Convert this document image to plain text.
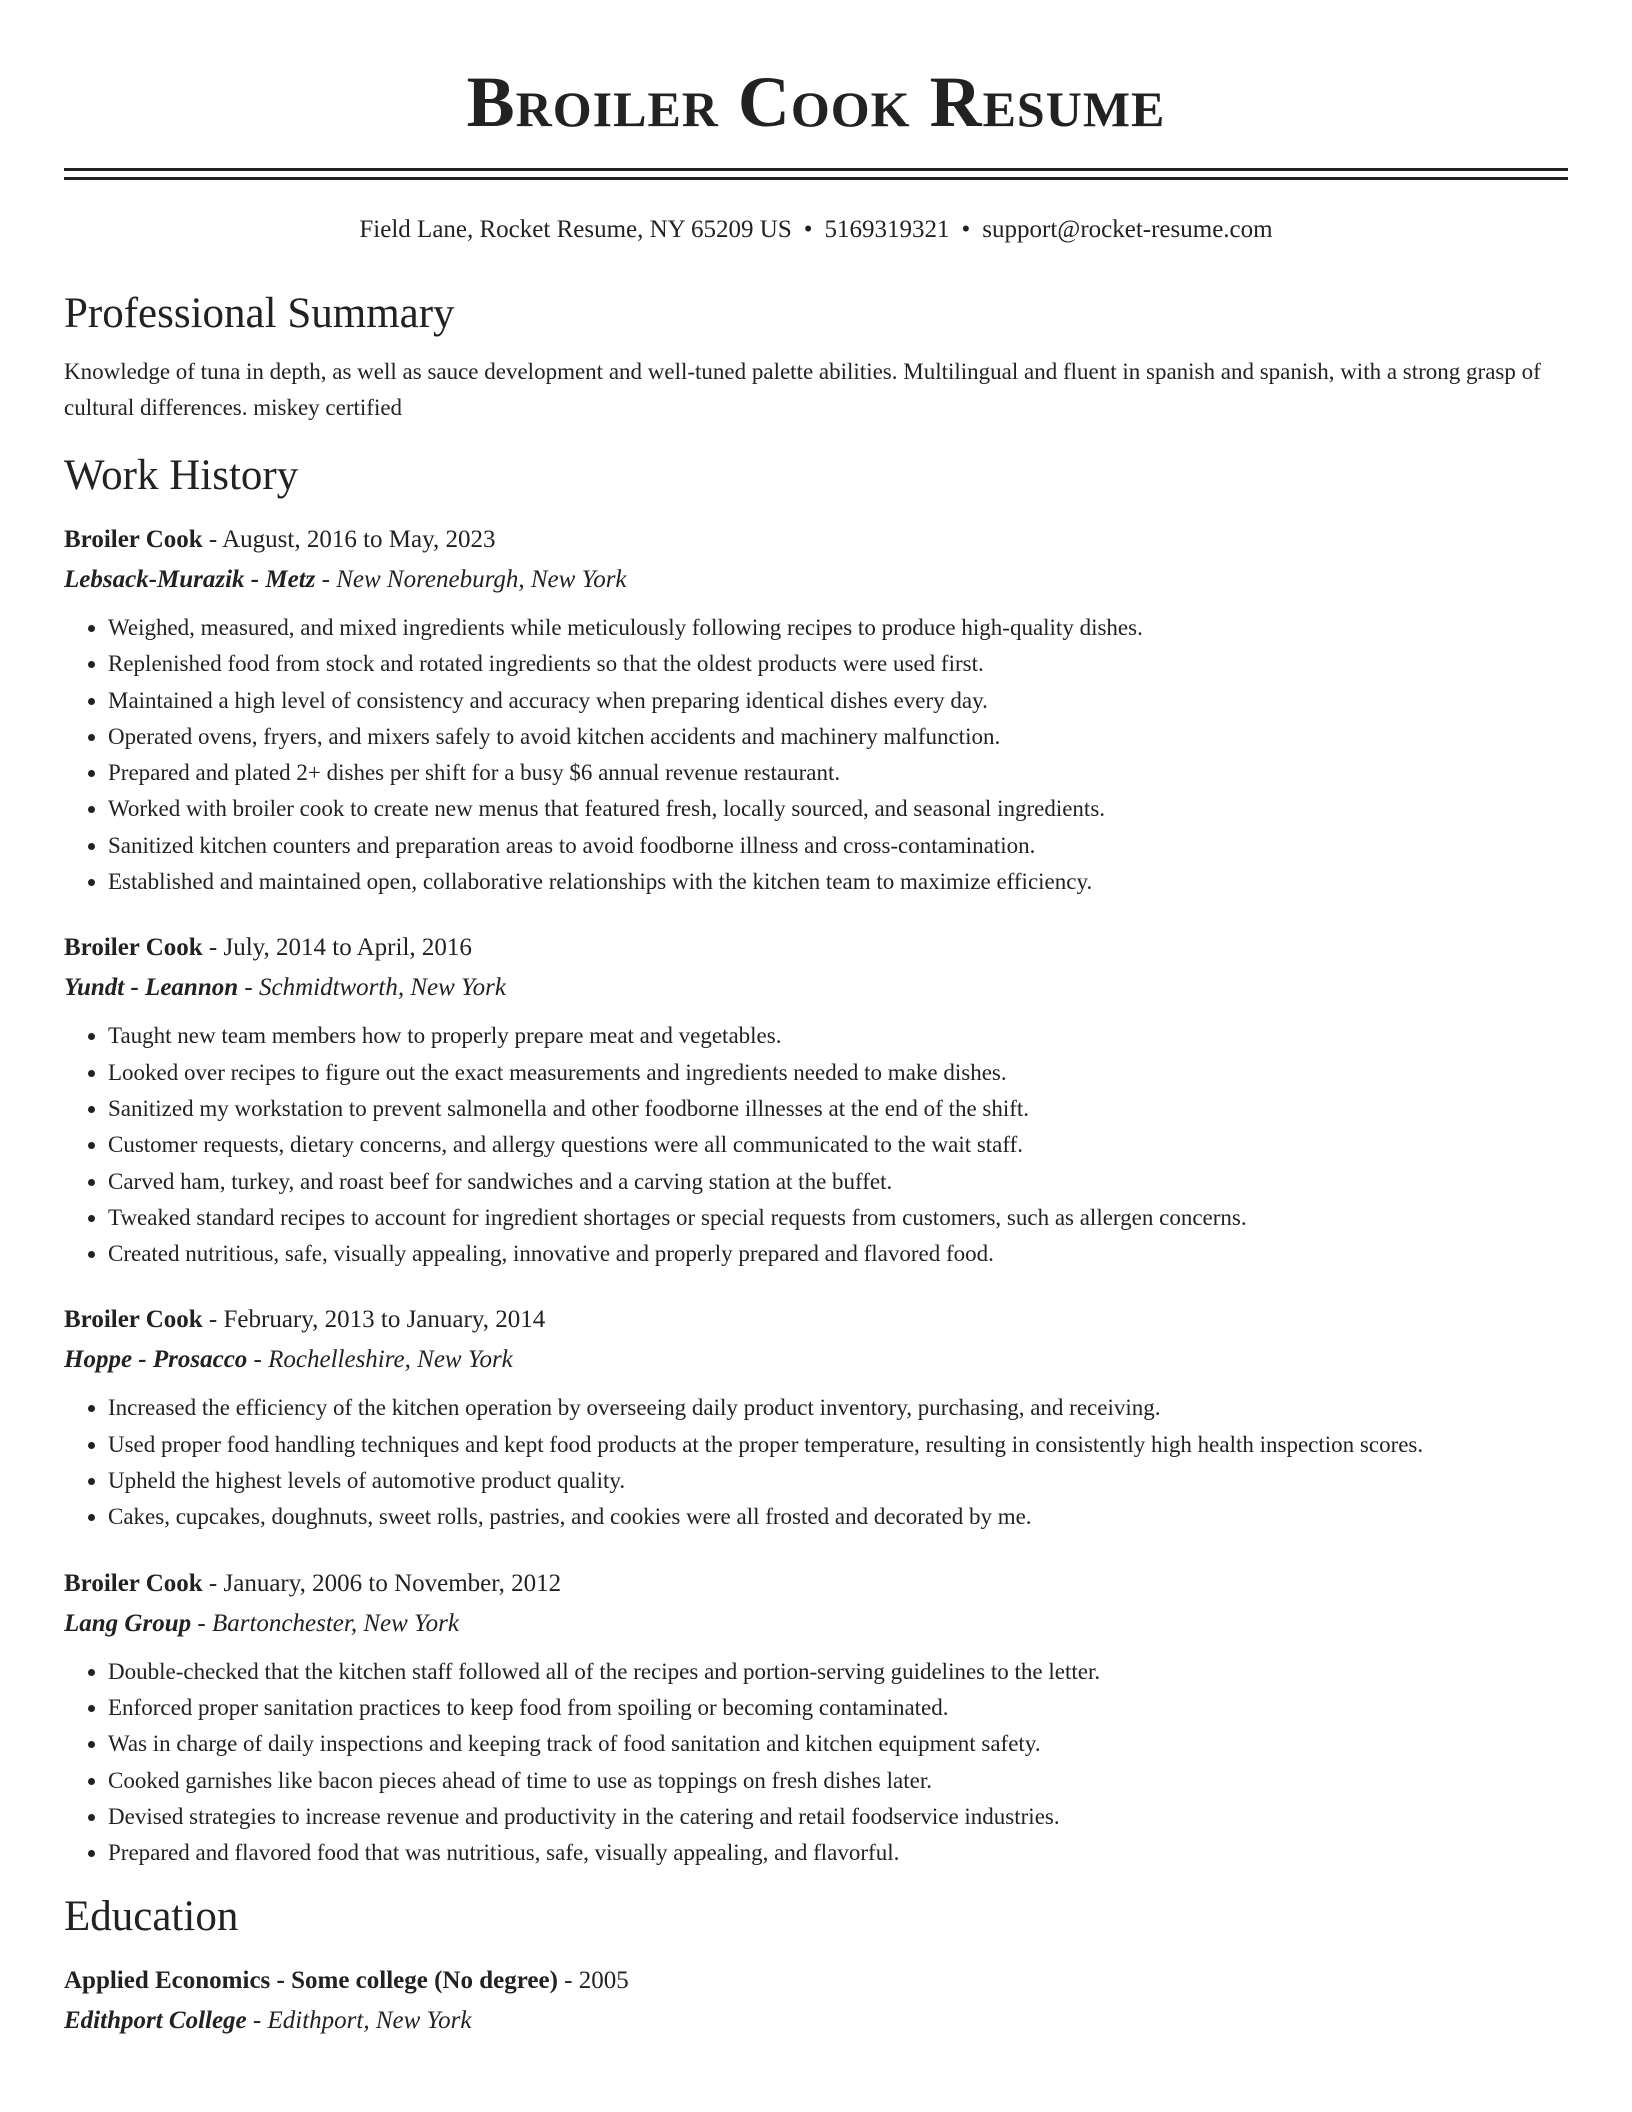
Broiler Cook Resume
Field Lane, Rocket Resume, NY 65209 US • 5169319321 • support@rocket-resume.com
Professional Summary
Knowledge of tuna in depth, as well as sauce development and well-tuned palette abilities. Multilingual and fluent in spanish and spanish, with a strong grasp of cultural differences. miskey certified
Work History
Broiler Cook - August, 2016 to May, 2023
Lebsack-Murazik - Metz - New Noreneburgh, New York
• Weighed, measured, and mixed ingredients while meticulously following recipes to produce high-quality dishes.
• Replenished food from stock and rotated ingredients so that the oldest products were used first.
• Maintained a high level of consistency and accuracy when preparing identical dishes every day.
• Operated ovens, fryers, and mixers safely to avoid kitchen accidents and machinery malfunction.
• Prepared and plated 2+ dishes per shift for a busy $6 annual revenue restaurant.
• Worked with broiler cook to create new menus that featured fresh, locally sourced, and seasonal ingredients.
• Sanitized kitchen counters and preparation areas to avoid foodborne illness and cross-contamination.
• Established and maintained open, collaborative relationships with the kitchen team to maximize efficiency.
Broiler Cook - July, 2014 to April, 2016
Yundt - Leannon - Schmidtworth, New York
• Taught new team members how to properly prepare meat and vegetables.
• Looked over recipes to figure out the exact measurements and ingredients needed to make dishes.
• Sanitized my workstation to prevent salmonella and other foodborne illnesses at the end of the shift.
• Customer requests, dietary concerns, and allergy questions were all communicated to the wait staff.
• Carved ham, turkey, and roast beef for sandwiches and a carving station at the buffet.
• Tweaked standard recipes to account for ingredient shortages or special requests from customers, such as allergen concerns.
• Created nutritious, safe, visually appealing, innovative and properly prepared and flavored food.
Broiler Cook - February, 2013 to January, 2014
Hoppe - Prosacco - Rochelleshire, New York
• Increased the efficiency of the kitchen operation by overseeing daily product inventory, purchasing, and receiving.
• Used proper food handling techniques and kept food products at the proper temperature, resulting in consistently high health inspection scores.
• Upheld the highest levels of automotive product quality.
• Cakes, cupcakes, doughnuts, sweet rolls, pastries, and cookies were all frosted and decorated by me.
Broiler Cook - January, 2006 to November, 2012
Lang Group - Bartonchester, New York
• Double-checked that the kitchen staff followed all of the recipes and portion-serving guidelines to the letter.
• Enforced proper sanitation practices to keep food from spoiling or becoming contaminated.
• Was in charge of daily inspections and keeping track of food sanitation and kitchen equipment safety.
• Cooked garnishes like bacon pieces ahead of time to use as toppings on fresh dishes later.
• Devised strategies to increase revenue and productivity in the catering and retail foodservice industries.
• Prepared and flavored food that was nutritious, safe, visually appealing, and flavorful.
Education
Applied Economics - Some college (No degree) - 2005
Edithport College - Edithport, New York
